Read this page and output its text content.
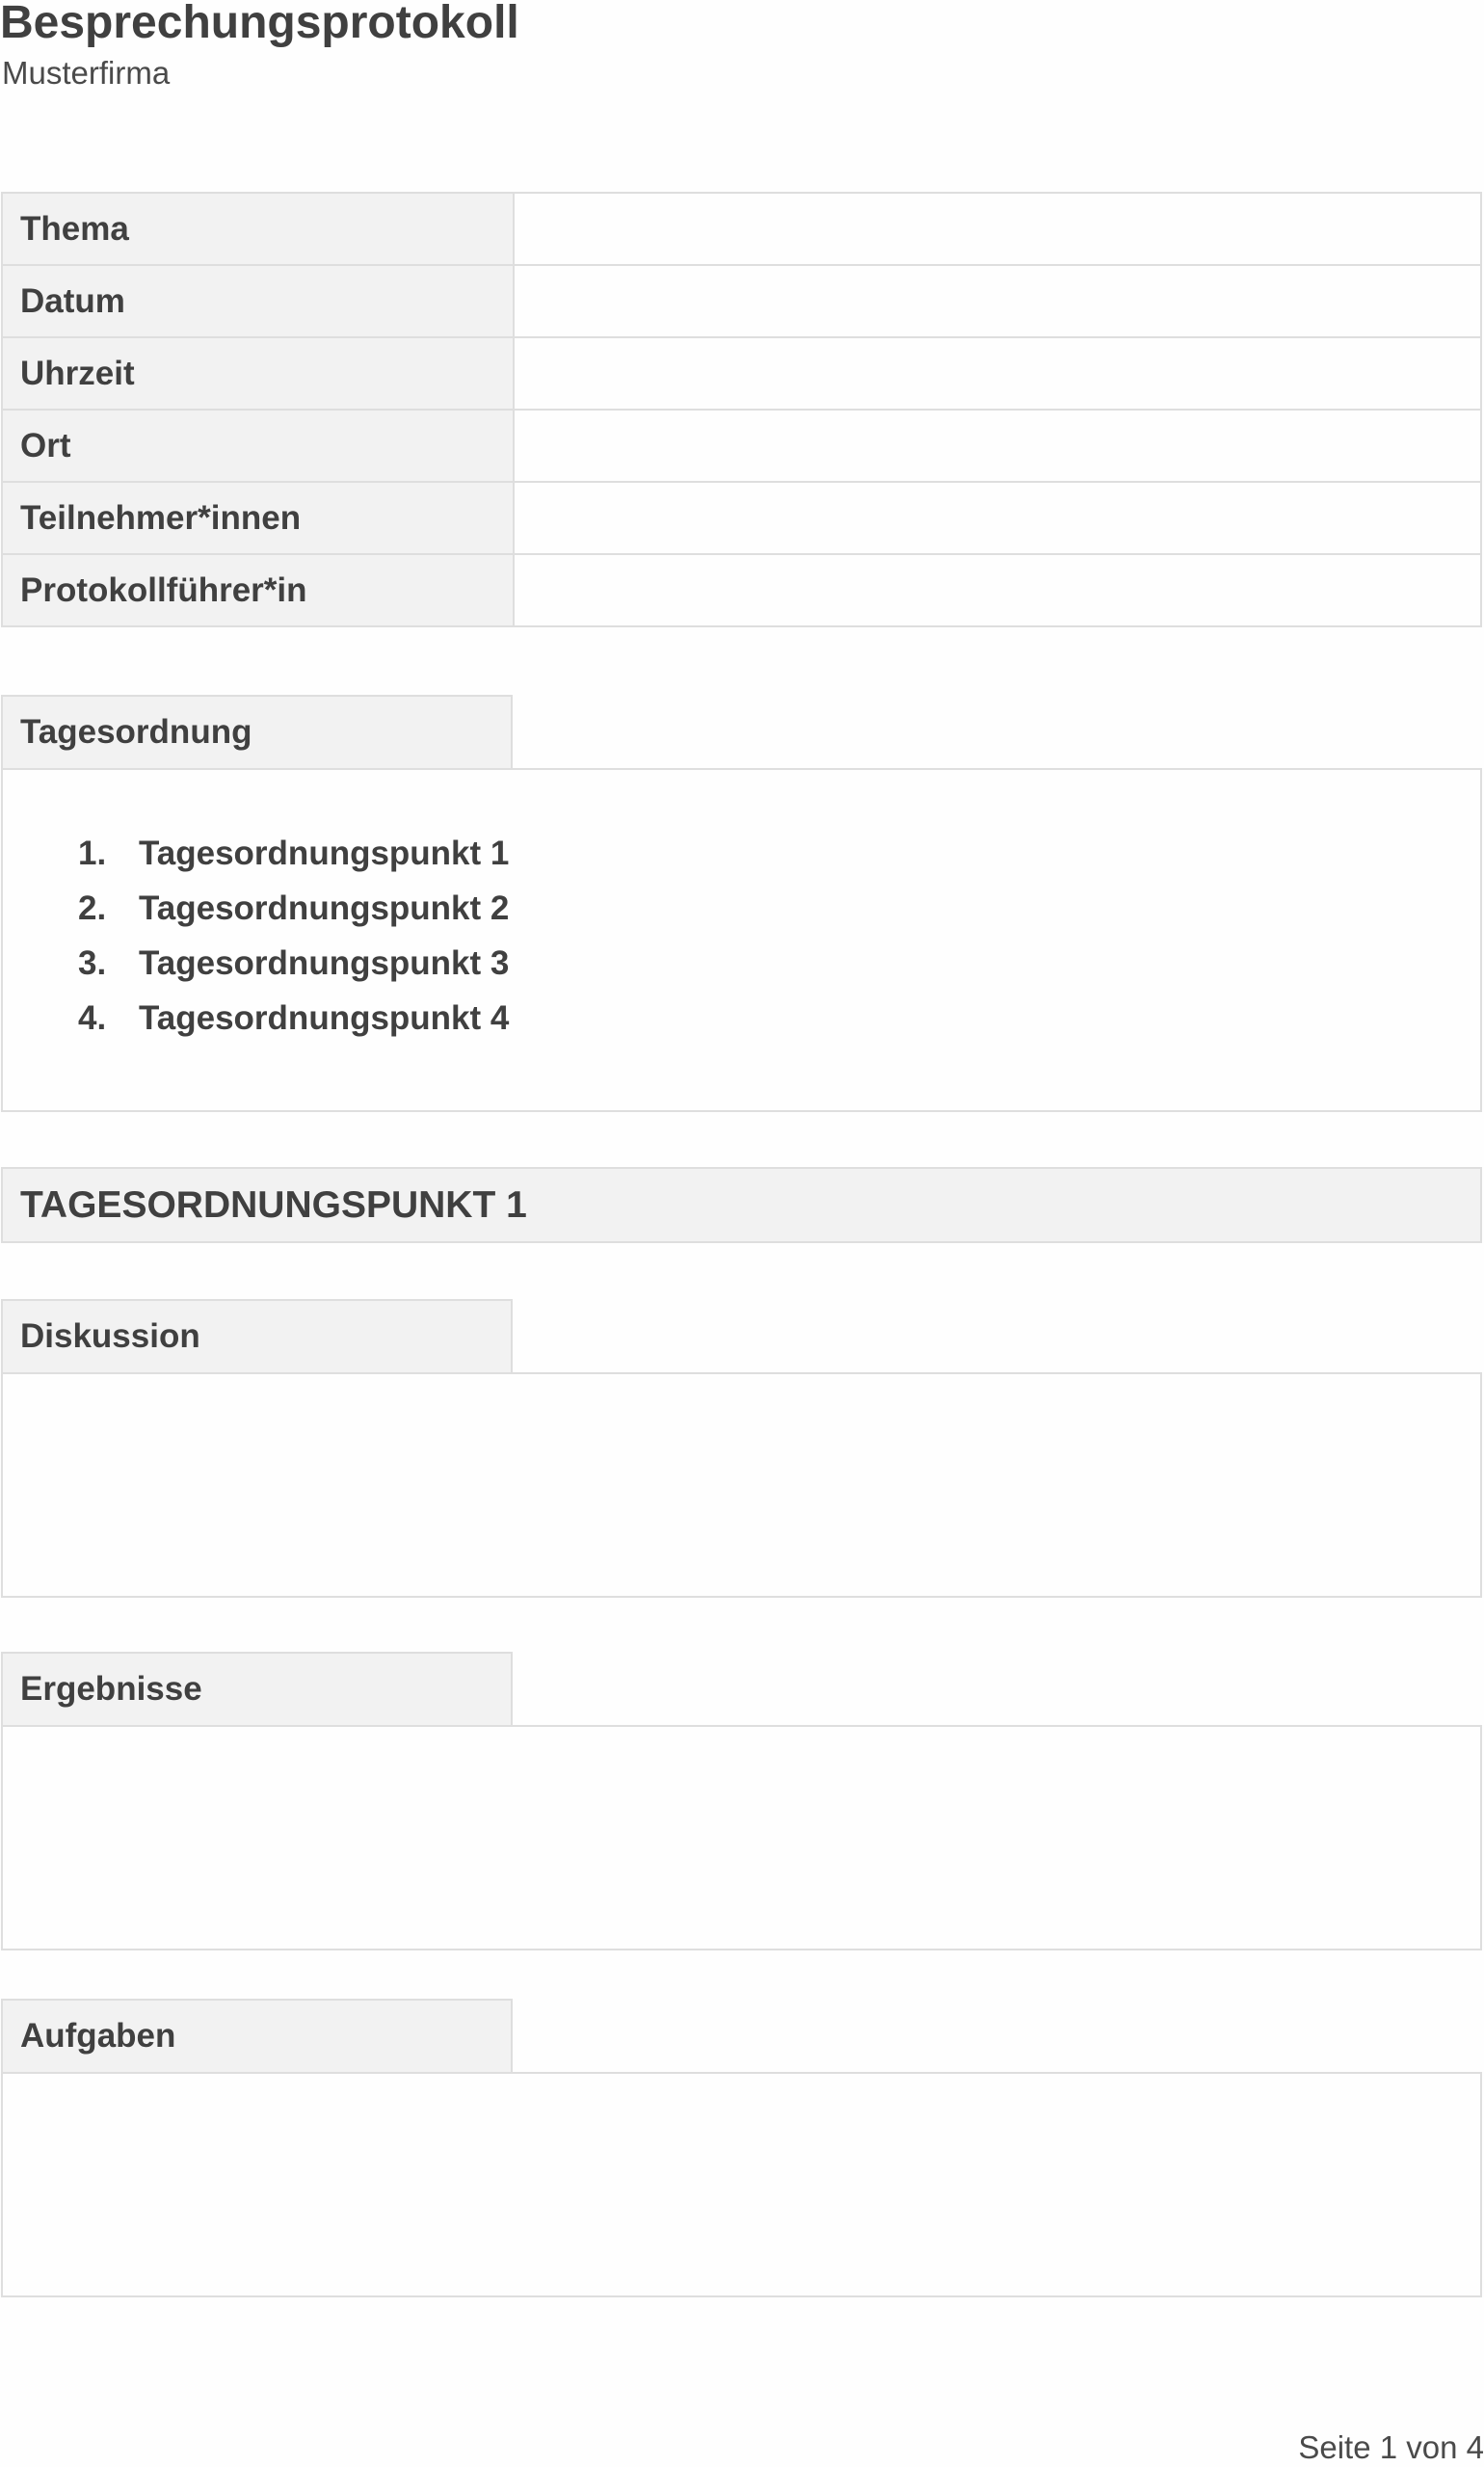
Besprechungsprotokoll
Musterfirma
Thema	
Datum	
Uhrzeit	
Ort	
Teilnehmer*innen	
Protokollführer*in	
Tagesordnung
1. Tagesordnungspunkt 1
2. Tagesordnungspunkt 2
3. Tagesordnungspunkt 3
4. Tagesordnungspunkt 4
TAGESORDNUNGSPUNKT 1
Diskussion
Ergebnisse
Aufgaben
Seite 1 von 4
